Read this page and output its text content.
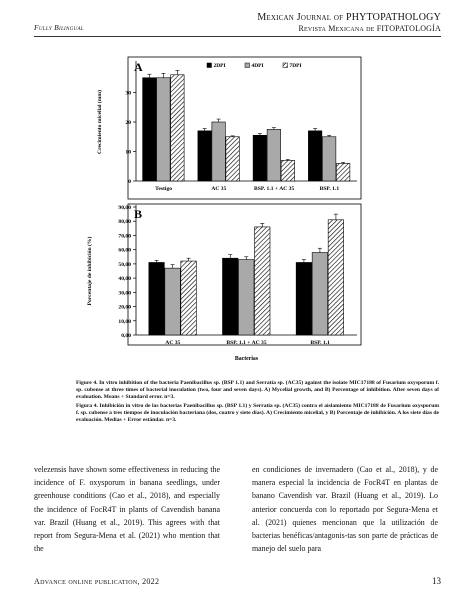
Fully Bilingual
Mexican Journal of PHYTOPATHOLOGY
Revista Mexicana de FITOPATOLOGÍA
A
0
10
20
30
Crecimiento micelial (mm)
Testigo	AC 35	BSP. 1.1 + AC 35	BSP. 1.1
2DPI	4DPI	7DPI
B
0,00
10,00
20,00
30,00
40,00
50,00
60,00
70,00
80,00
90,00
Porcentaje de inhibición (%)
AC 35	BSP. 1.1 + AC 35	BSP. 1.1
Bacterias

Figure 4. In vitro inhibition of the bacteria Paenibacillus sp. (BSP 1.1) and Serratia sp. (AC35) against the isolate MIC17188 of Fusarium oxysporum f. sp. cubense at three times of bacterial inoculation (two, four and seven days). A) Mycelial growth, and B) Percentage of inhibition. After seven days of evaluation. Means + Standard error. n=3.

Figura 4. Inhibición in vitro de las bacterias Paenibacillus sp. (BSP 1.1) y Serratia sp. (AC35) contra el aislamiento MIC17188 de Fusarium oxysporum f. sp. cubense a tres tiempos de inoculación bacteriana (dos, cuatro y siete días). A) Crecimiento micelial, y B) Porcentaje de inhibición. A los siete días de evaluación. Medias + Error estándar. n=3.

velezensis have shown some effectiveness in reducing the incidence of F. oxysporum in banana seedlings, under greenhouse conditions (Cao et al., 2018), and especially the incidence of FocR4T in plants of Cavendish banana var. Brazil (Huang et al., 2019). This agrees with that report from Segura-Mena et al. (2021) who mention that the

en condiciones de invernadero (Cao et al., 2018), y de manera especial la incidencia de FocR4T en plantas de banano Cavendish var. Brazil (Huang et al., 2019). Lo anterior concuerda con lo reportado por Segura-Mena et al. (2021) quienes mencionan que la utilización de bacterias benéficas/antagonis-tas son parte de prácticas de manejo del suelo para

Advance online publication, 2022	13
